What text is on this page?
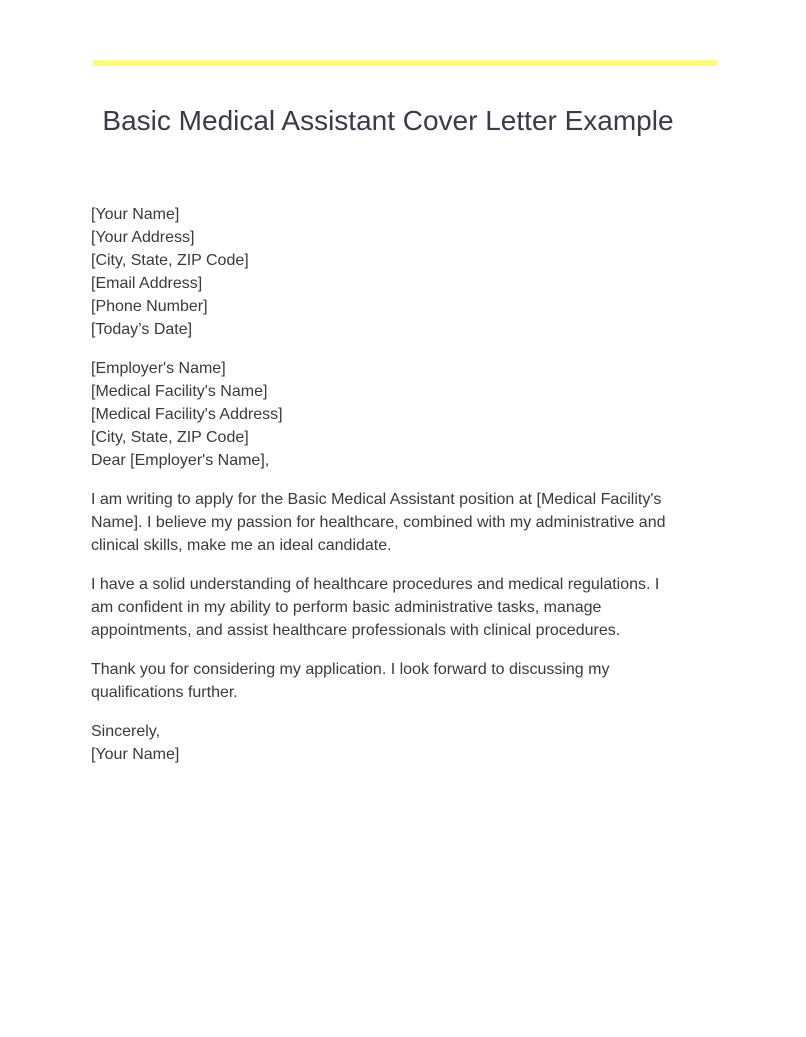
Basic Medical Assistant Cover Letter Example
[Your Name]
[Your Address]
[City, State, ZIP Code]
[Email Address]
[Phone Number]
[Today’s Date]
[Employer's Name]
[Medical Facility's Name]
[Medical Facility's Address]
[City, State, ZIP Code]
Dear [Employer's Name],

I am writing to apply for the Basic Medical Assistant position at [Medical Facility's Name]. I believe my passion for healthcare, combined with my administrative and clinical skills, make me an ideal candidate.

I have a solid understanding of healthcare procedures and medical regulations. I am confident in my ability to perform basic administrative tasks, manage appointments, and assist healthcare professionals with clinical procedures.

Thank you for considering my application. I look forward to discussing my qualifications further.

Sincerely,
[Your Name]
